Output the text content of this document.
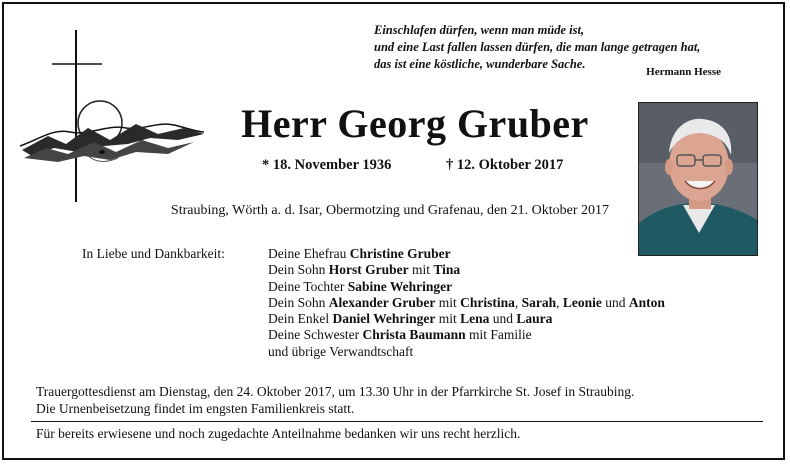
Einschlafen dürfen, wenn man müde ist,
und eine Last fallen lassen dürfen, die man lange getragen hat,
das ist eine köstliche, wunderbare Sache.
Hermann Hesse
Herr Georg Gruber
* 18. November 1936	† 12. Oktober 2017
Straubing, Wörth a. d. Isar, Obermotzing und Grafenau, den 21. Oktober 2017
In Liebe und Dankbarkeit:	Deine Ehefrau Christine Gruber
Dein Sohn Horst Gruber mit Tina
Deine Tochter Sabine Wehringer
Dein Sohn Alexander Gruber mit Christina, Sarah, Leonie und Anton
Dein Enkel Daniel Wehringer mit Lena und Laura
Deine Schwester Christa Baumann mit Familie
und übrige Verwandtschaft
Trauergottesdienst am Dienstag, den 24. Oktober 2017, um 13.30 Uhr in der Pfarrkirche St. Josef in Straubing.
Die Urnenbeisetzung findet im engsten Familienkreis statt.
Für bereits erwiesene und noch zugedachte Anteilnahme bedanken wir uns recht herzlich.
